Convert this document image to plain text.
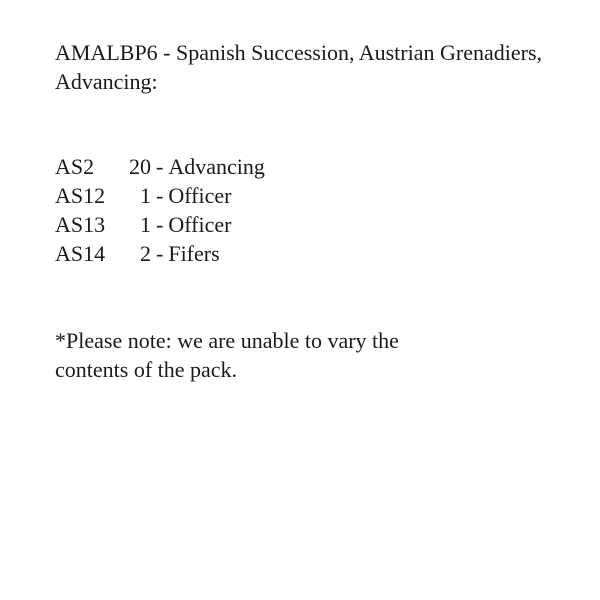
AMALBP6 - Spanish Succession, Austrian Grenadiers, Advancing:
AS2	20 - Advancing
AS12	1 - Officer
AS13	1 - Officer
AS14	2 - Fifers

*Please note: we are unable to vary the contents of the pack.
